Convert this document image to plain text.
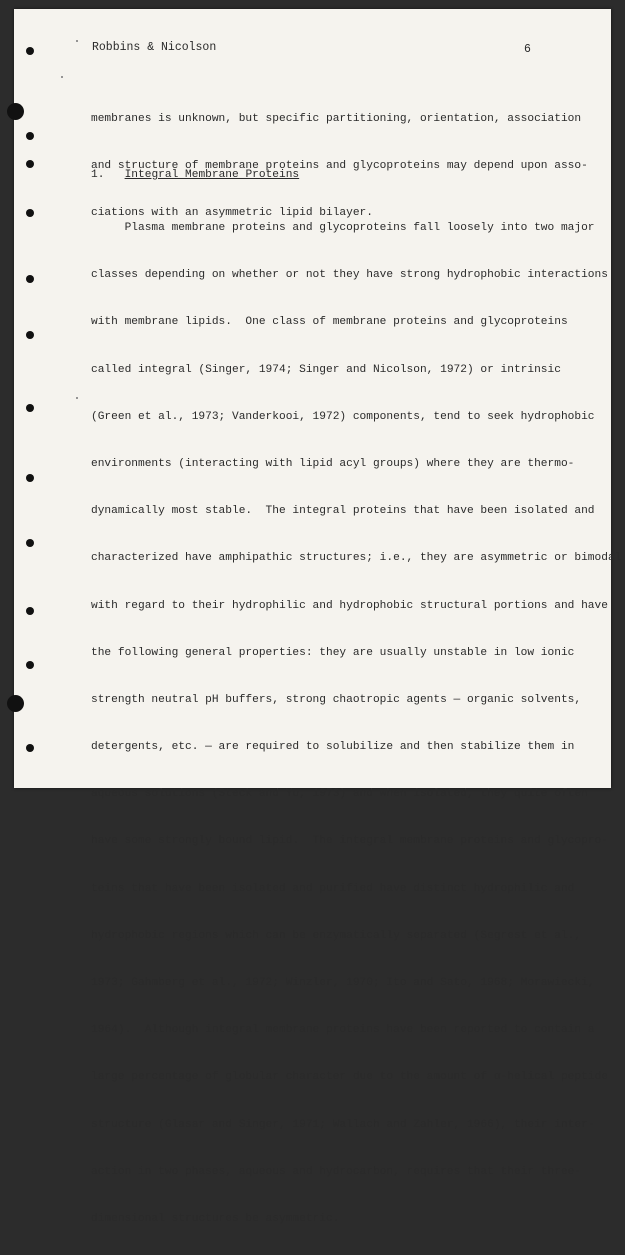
Robbins & Nicolson	6

membranes is unknown, but specific partitioning, orientation, association

and structure of membrane proteins and glycoproteins may depend upon asso-

ciations with an asymmetric lipid bilayer.

1. Integral Membrane Proteins

Plasma membrane proteins and glycoproteins fall loosely into two major

classes depending on whether or not they have strong hydrophobic interactions

with membrane lipids.  One class of membrane proteins and glycoproteins

called integral (Singer, 1974; Singer and Nicolson, 1972) or intrinsic

(Green et al., 1973; Vanderkooi, 1972) components, tend to seek hydrophobic

environments (interacting with lipid acyl groups) where they are thermo-

dynamically most stable.  The integral proteins that have been isolated and

characterized have amphipathic structures; i.e., they are asymmetric or bimodal

with regard to their hydrophilic and hydrophobic structural portions and have

the following general properties: they are usually unstable in low ionic

strength neutral pH buffers, strong chaotropic agents — organic solvents,

detergents, etc. — are required to solubilize and then stabilize them in

aqueous solutions (Steck and Yu, 1973) and when isolated, they quite often

have some strongly bound lipid.  The integral membrane proteins and glycopro-

teins that have been isolated and purified have distinct hydrophilic and

hydrophobic regions which can be enzymatically separated (Segrest et al.,

1973; Gahmberg et al., 1972; Winzler, 1970; Ito and Sato, 1968; Morawiecki,

1964).  Although integral membrane proteins have been reported to contain a

large percentage of globular character due to the amount of α-helical peptide

structure (Glasar and Singer, 1971; Wallach and Zahler, 1966), their inter-

action in two phases, aqueous and hydrocarbon, requires that their three-

dimensional structures be asymmetric.
